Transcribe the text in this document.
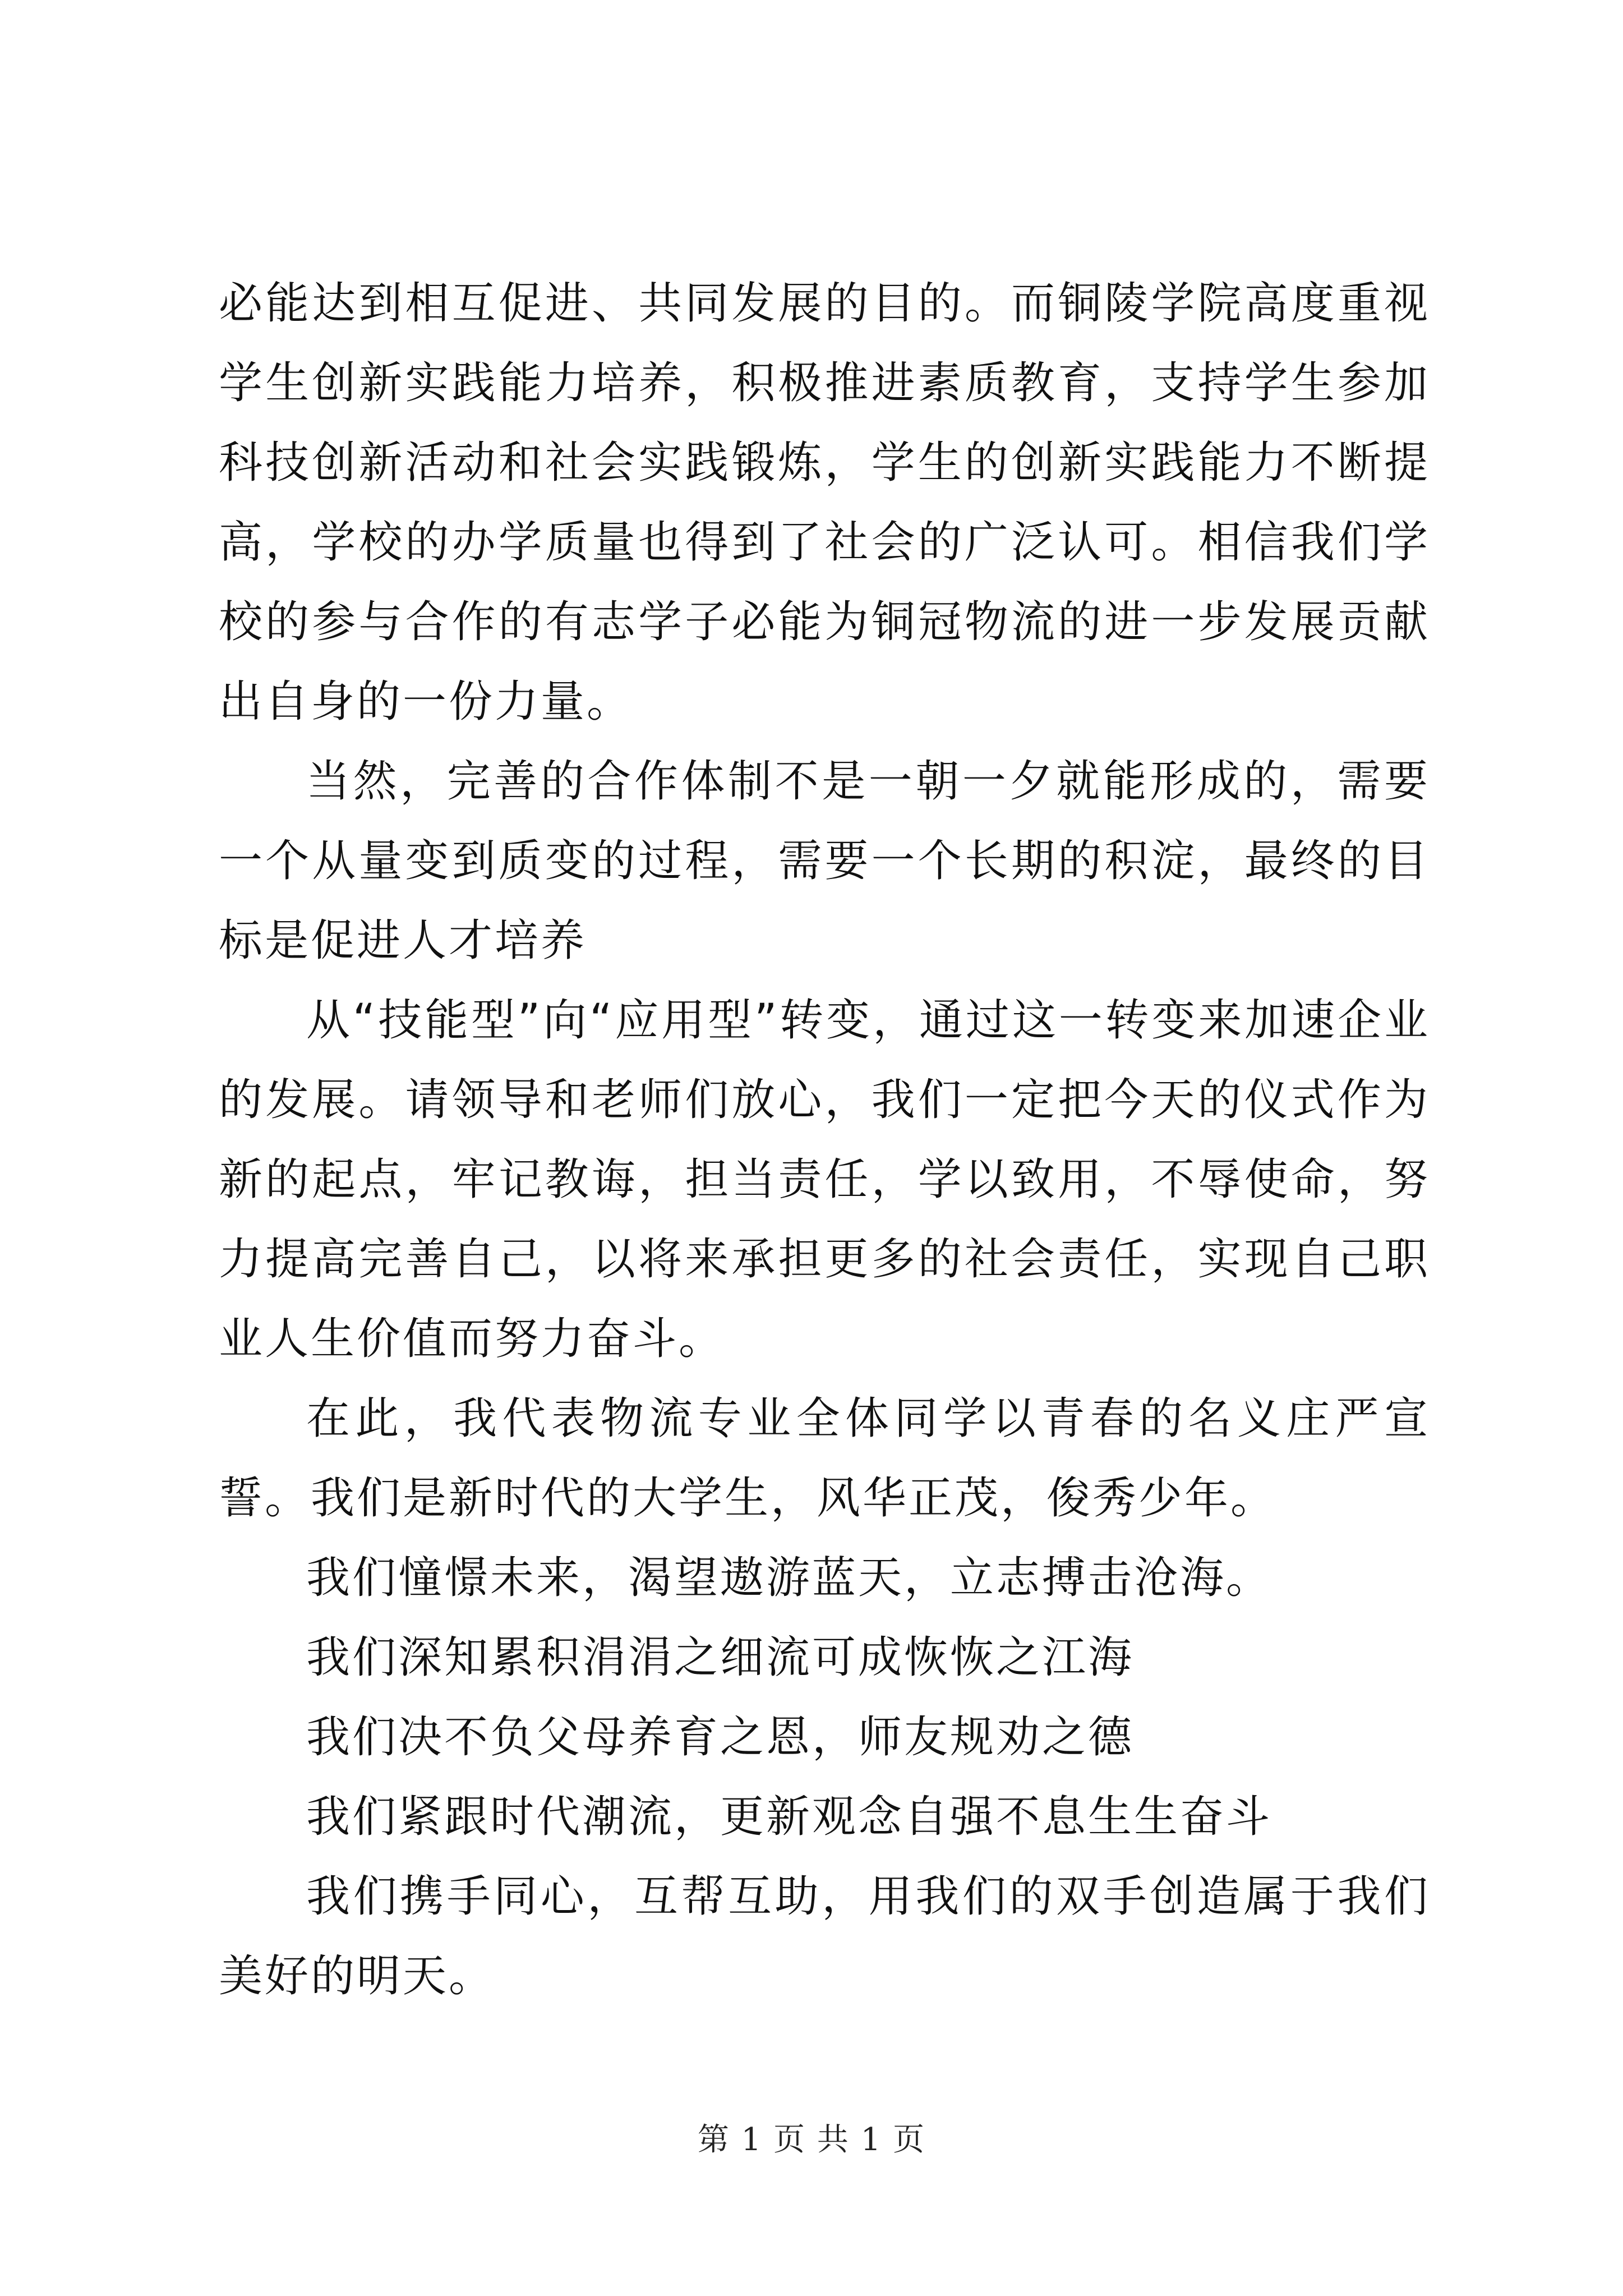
必能达到相互促进、共同发展的目的。而铜陵学院高度重视学生创新实践能力培养，积极推进素质教育，支持学生参加科技创新活动和社会实践锻炼，学生的创新实践能力不断提高，学校的办学质量也得到了社会的广泛认可。相信我们学校的参与合作的有志学子必能为铜冠物流的进一步发展贡献出自身的一份力量。

当然，完善的合作体制不是一朝一夕就能形成的，需要一个从量变到质变的过程，需要一个长期的积淀，最终的目标是促进人才培养

从“技能型”向“应用型”转变，通过这一转变来加速企业的发展。请领导和老师们放心，我们一定把今天的仪式作为新的起点，牢记教诲，担当责任，学以致用，不辱使命，努力提高完善自己，以将来承担更多的社会责任，实现自己职业人生价值而努力奋斗。

在此，我代表物流专业全体同学以青春的名义庄严宣誓。我们是新时代的大学生，风华正茂，俊秀少年。

我们憧憬未来，渴望遨游蓝天，立志搏击沧海。

我们深知累积涓涓之细流可成恢恢之江海

我们决不负父母养育之恩，师友规劝之德

我们紧跟时代潮流，更新观念自强不息生生奋斗

我们携手同心，互帮互助，用我们的双手创造属于我们美好的明天。

第 1 页 共 1 页
